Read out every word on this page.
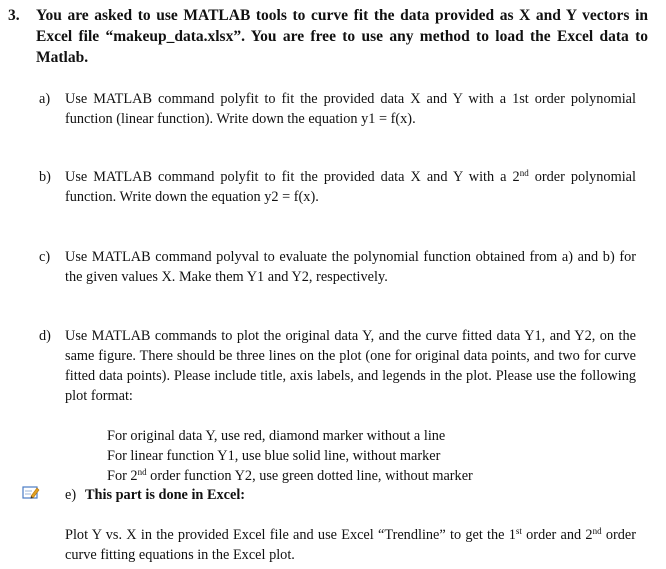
3.	You are asked to use MATLAB tools to curve fit the data provided as X and Y vectors in Excel file “makeup_data.xlsx”. You are free to use any method to load the Excel data to Matlab.
a)	Use MATLAB command polyfit to fit the provided data X and Y with a 1st order polynomial function (linear function). Write down the equation y1 = f(x).
b) Use MATLAB command polyfit to fit the provided data X and Y with a 2nd order polynomial function. Write down the equation y2 = f(x).
c)	Use MATLAB command polyval to evaluate the polynomial function obtained from a) and b) for the given values X. Make them Y1 and Y2, respectively.
d) Use MATLAB commands to plot the original data Y, and the curve fitted data Y1, and Y2, on the same figure. There should be three lines on the plot (one for original data points, and two for curve fitted data points). Please include title, axis labels, and legends in the plot. Please use the following plot format:
For original data Y, use red, diamond marker without a line
For linear function Y1, use blue solid line, without marker
For 2nd order function Y2, use green dotted line, without marker
e) This part is done in Excel:
Plot Y vs. X in the provided Excel file and use Excel “Trendline” to get the 1st order and 2nd order curve fitting equations in the Excel plot.
